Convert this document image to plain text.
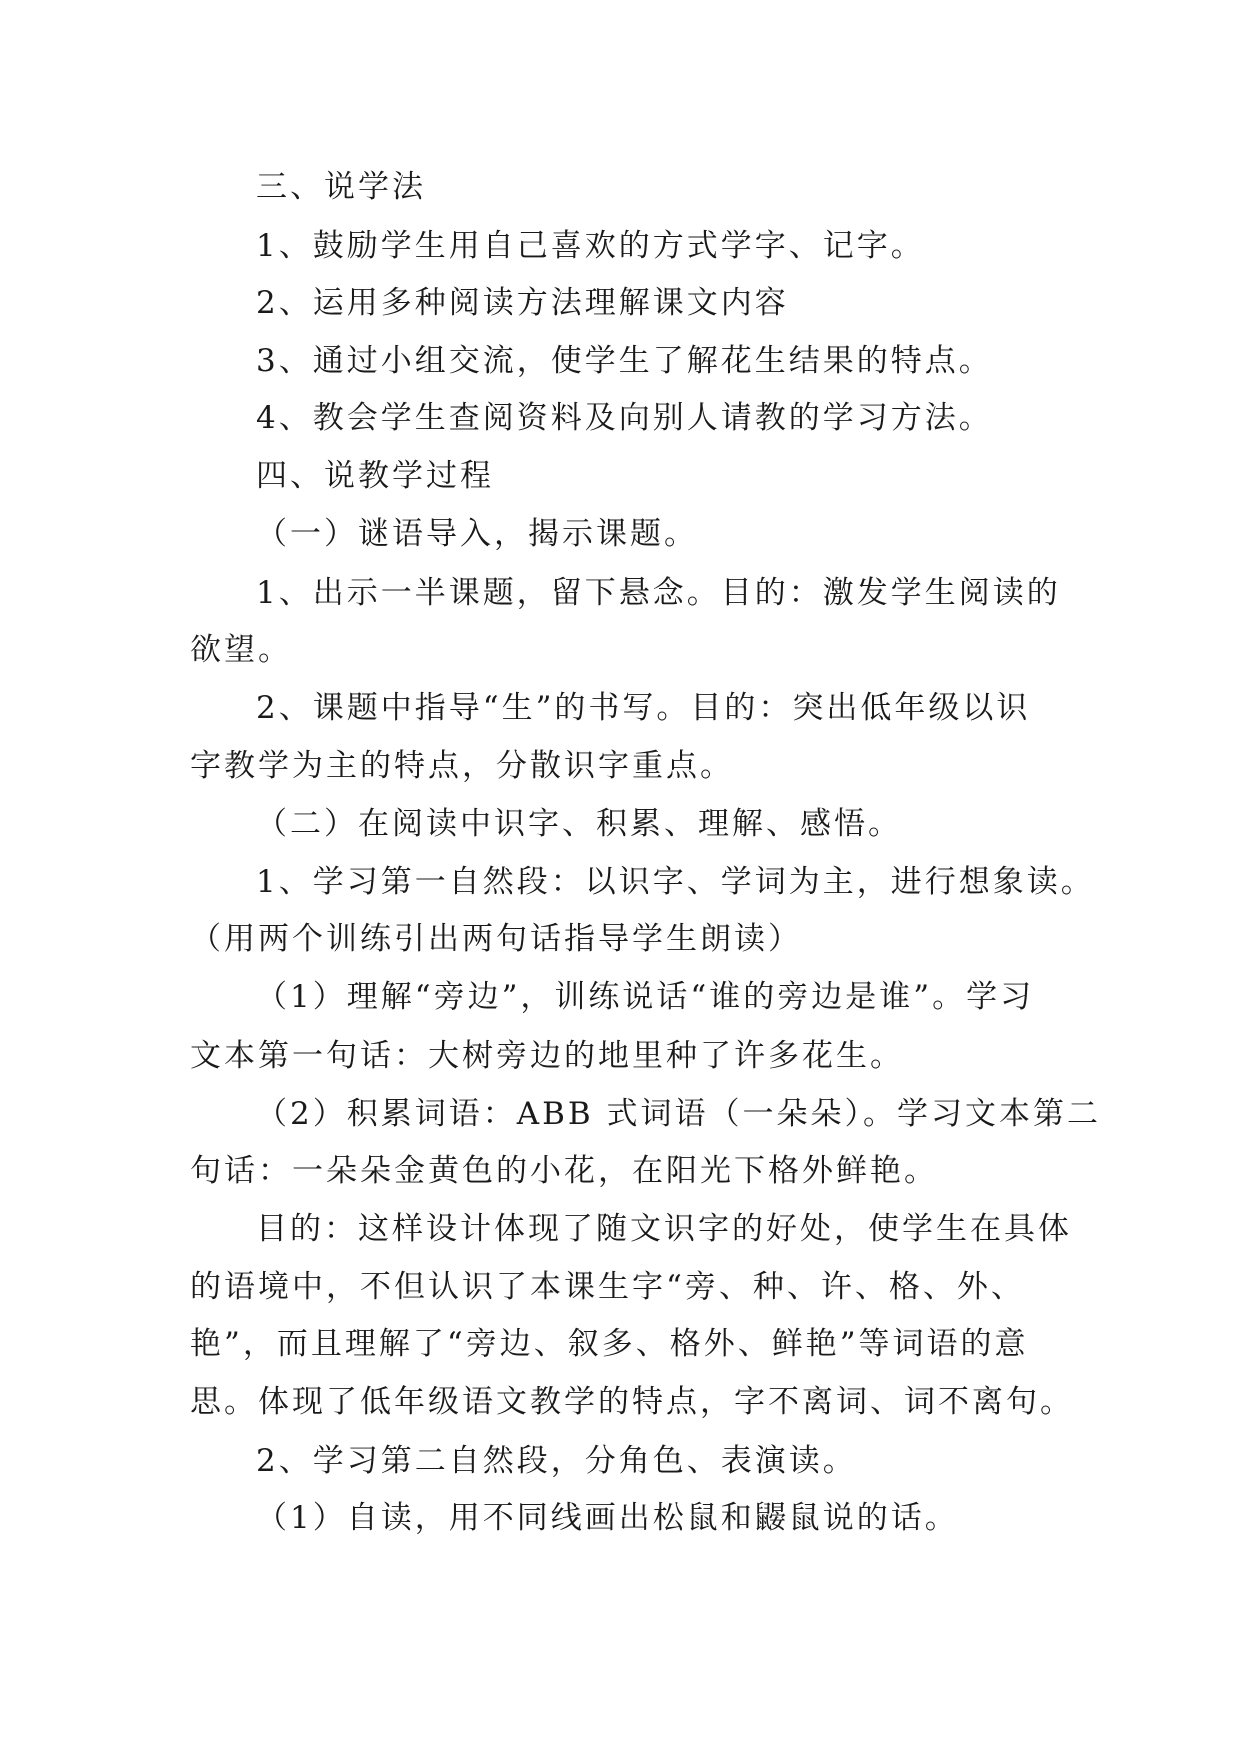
三、说学法
1、鼓励学生用自己喜欢的方式学字、记字。
2、运用多种阅读方法理解课文内容
3、通过小组交流，使学生了解花生结果的特点。
4、教会学生查阅资料及向别人请教的学习方法。
四、说教学过程
（一）谜语导入，揭示课题。
1、出示一半课题，留下悬念。目的：激发学生阅读的
欲望。
2、课题中指导“生”的书写。目的：突出低年级以识
字教学为主的特点，分散识字重点。
（二）在阅读中识字、积累、理解、感悟。
1、学习第一自然段：以识字、学词为主，进行想象读。
（用两个训练引出两句话指导学生朗读）
（1）理解“旁边”，训练说话“谁的旁边是谁”。学习
文本第一句话：大树旁边的地里种了许多花生。
（2）积累词语：ABB 式词语（一朵朵）。学习文本第二
句话：一朵朵金黄色的小花，在阳光下格外鲜艳。
目的：这样设计体现了随文识字的好处，使学生在具体
的语境中，不但认识了本课生字“旁、种、许、格、外、
艳”，而且理解了“旁边、叙多、格外、鲜艳”等词语的意
思。体现了低年级语文教学的特点，字不离词、词不离句。
2、学习第二自然段，分角色、表演读。
（1）自读，用不同线画出松鼠和鼹鼠说的话。
